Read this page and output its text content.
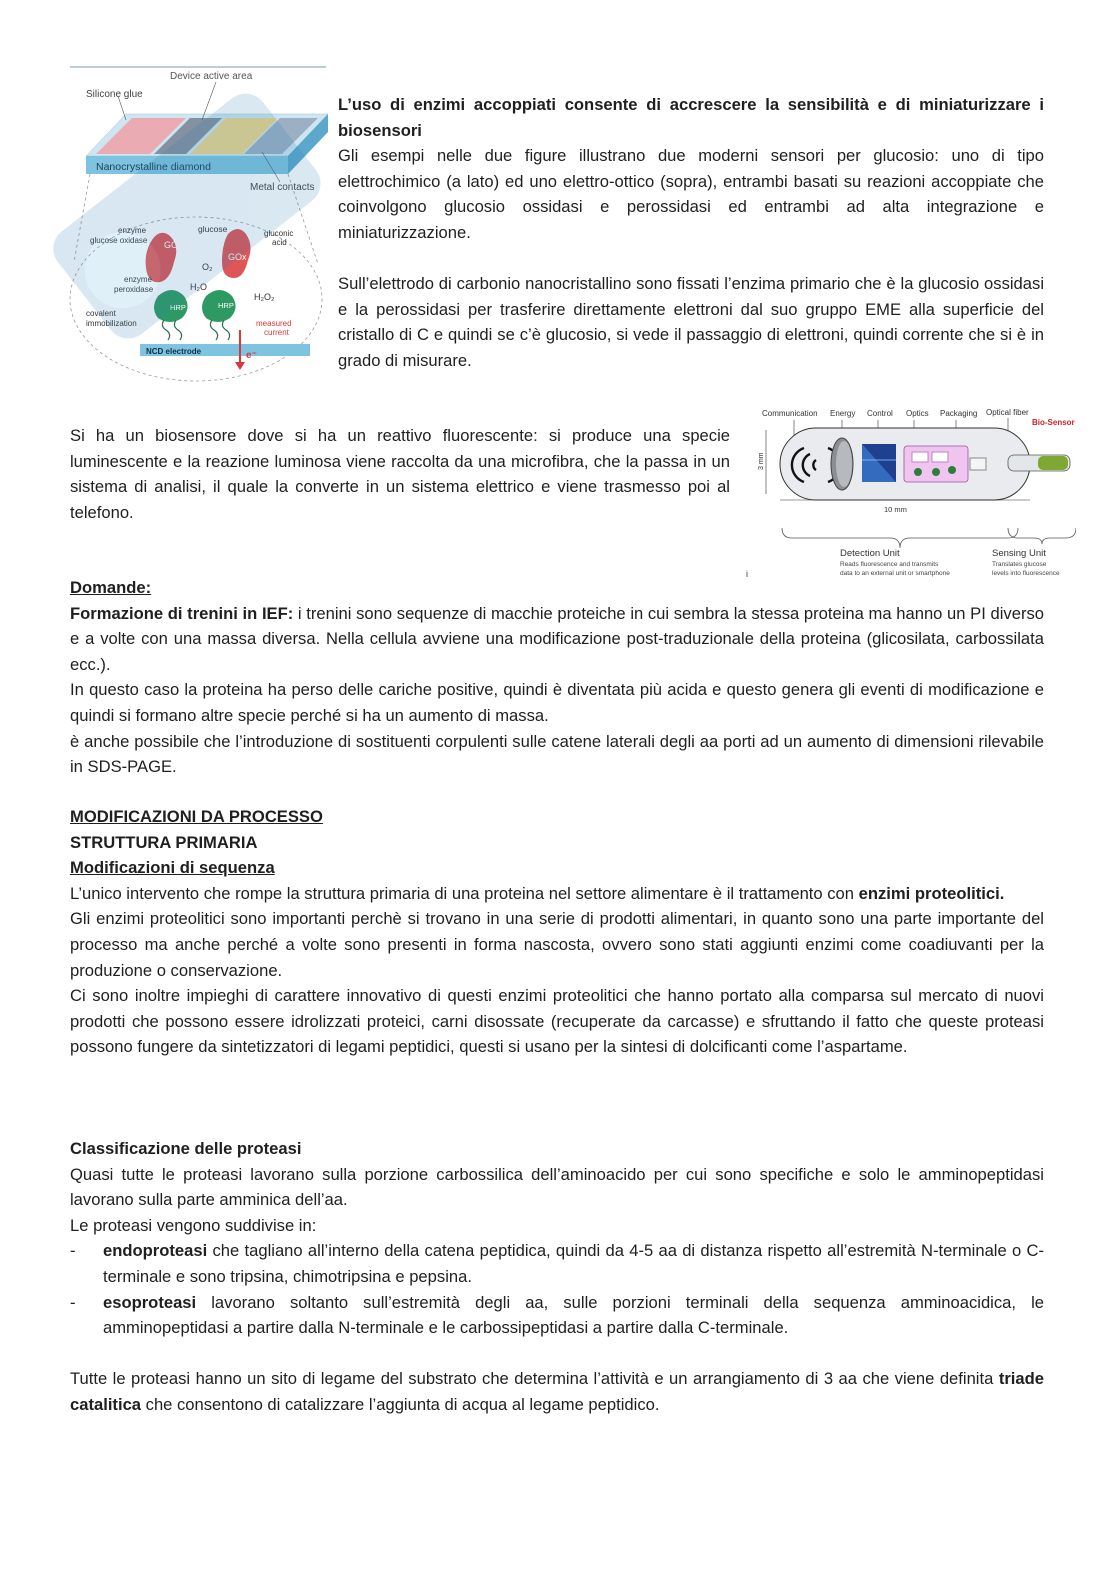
Device active area
Silicone glue
Nanocrystalline diamond
Metal contacts
GOx
GOx
enzyme
glucose oxidase
glucose	gluconic
acid
O₂
H₂O
H₂O₂
enzyme
peroxidase
HRP	HRP
covalent
immobilization	measured
current
NCD electrode	e⁻

L’uso di enzimi accoppiati consente di accrescere la sensibilità e di miniaturizzare i biosensori

Gli esempi nelle due figure illustrano due moderni sensori per glucosio: uno di tipo elettrochimico (a lato) ed uno elettro-ottico (sopra), entrambi basati su reazioni accoppiate che coinvolgono glucosio ossidasi e perossidasi ed entrambi ad alta integrazione e miniaturizzazione.

Sull’elettrodo di carbonio nanocristallino sono fissati l’enzima primario che è la glucosio ossidasi e la perossidasi per trasferire direttamente elettroni dal suo gruppo EME alla superficie del cristallo di C e quindi se c’è glucosio, si vede il passaggio di elettroni, quindi corrente che si è in grado di misurare.

Si ha un biosensore dove si ha un reattivo fluorescente: si produce una specie luminescente e la reazione luminosa viene raccolta da una microfibra, che la passa in un sistema di analisi, il quale la converte in un sistema elettrico e viene trasmesso poi al telefono.

Communication Energy Control Optics Packaging Optical fiber
Bio-Sensor
3 mm
10 mm
Detection Unit
Reads fluorescence and transmits
data to an external unit or smartphone
Sensing Unit
Translates glucose
levels into fluorescence
i

Domande:

Formazione di trenini in IEF: i trenini sono sequenze di macchie proteiche in cui sembra la stessa proteina ma hanno un PI diverso e a volte con una massa diversa. Nella cellula avviene una modificazione post-traduzionale della proteina (glicosilata, carbossilata ecc.).

In questo caso la proteina ha perso delle cariche positive, quindi è diventata più acida e questo genera gli eventi di modificazione e quindi si formano altre specie perché si ha un aumento di massa.

è anche possibile che l’introduzione di sostituenti corpulenti sulle catene laterali degli aa porti ad un aumento di dimensioni rilevabile in SDS-PAGE.

MODIFICAZIONI DA PROCESSO

STRUTTURA PRIMARIA

Modificazioni di sequenza

L’unico intervento che rompe la struttura primaria di una proteina nel settore alimentare è il trattamento con enzimi proteolitici.

Gli enzimi proteolitici sono importanti perchè si trovano in una serie di prodotti alimentari, in quanto sono una parte importante del processo ma anche perché a volte sono presenti in forma nascosta, ovvero sono stati aggiunti enzimi come coadiuvanti per la produzione o conservazione.

Ci sono inoltre impieghi di carattere innovativo di questi enzimi proteolitici che hanno portato alla comparsa sul mercato di nuovi prodotti che possono essere idrolizzati proteici, carni disossate (recuperate da carcasse) e sfruttando il fatto che queste proteasi possono fungere da sintetizzatori di legami peptidici, questi si usano per la sintesi di dolcificanti come l’aspartame.

Classificazione delle proteasi

Quasi tutte le proteasi lavorano sulla porzione carbossilica dell’aminoacido per cui sono specifiche e solo le amminopeptidasi lavorano sulla parte amminica dell’aa.

Le proteasi vengono suddivise in:

- endoproteasi che tagliano all’interno della catena peptidica, quindi da 4-5 aa di distanza rispetto all’estremità N-terminale o C-terminale e sono tripsina, chimotripsina e pepsina.
- esoproteasi lavorano soltanto sull’estremità degli aa, sulle porzioni terminali della sequenza amminoacidica, le amminopeptidasi a partire dalla N-terminale e le carbossipeptidasi a partire dalla C-terminale.

Tutte le proteasi hanno un sito di legame del substrato che determina l’attività e un arrangiamento di 3 aa che viene definita triade catalitica che consentono di catalizzare l’aggiunta di acqua al legame peptidico.
